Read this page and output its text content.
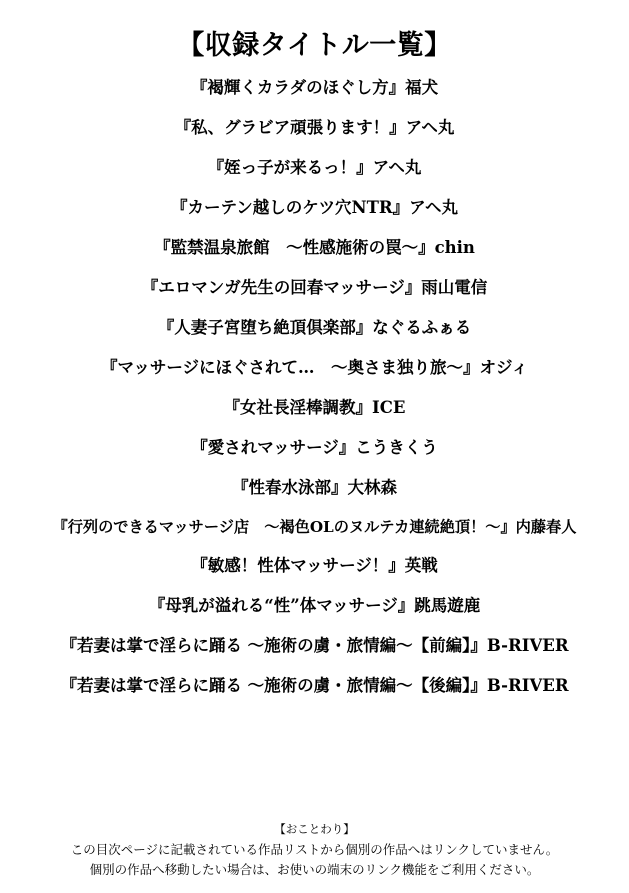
【収録タイトル一覧】
『褐輝くカラダのほぐし方』福犬
『私、グラビア頑張ります！』アヘ丸
『姪っ子が来るっ！』アヘ丸
『カーテン越しのケツ穴NTR』アヘ丸
『監禁温泉旅館　～性感施術の罠～』chin
『エロマンガ先生の回春マッサージ』雨山電信
『人妻子宮堕ち絶頂倶楽部』なぐるふぁる
『マッサージにほぐされて…　～奥さま独り旅～』オジィ
『女社長淫棒調教』ICE
『愛されマッサージ』こうきくう
『性春水泳部』大林森
『行列のできるマッサージ店　～褐色OLのヌルテカ連続絶頂！～』内藤春人
『敏感！性体マッサージ！』英戦
『母乳が溢れる“性”体マッサージ』跳馬遊鹿
『若妻は掌で淫らに踊る ～施術の虜・旅情編～【前編】』B-RIVER
『若妻は掌で淫らに踊る ～施術の虜・旅情編～【後編】』B-RIVER
【おことわり】
この目次ページに記載されている作品リストから個別の作品へはリンクしていません。
個別の作品へ移動したい場合は、お使いの端末のリンク機能をご利用ください。
